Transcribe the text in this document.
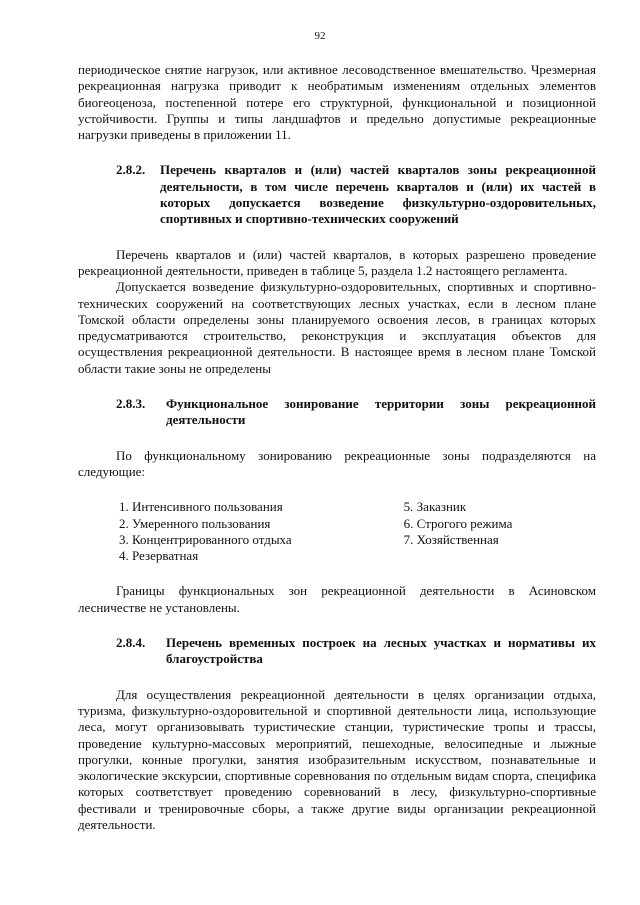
92

периодическое снятие нагрузок, или активное лесоводственное вмешательство. Чрезмерная рекреационная нагрузка приводит к необратимым изменениям отдельных элементов биогеоценоза, постепенной потере его структурной, функциональной и позиционной устойчивости. Группы и типы ландшафтов и предельно допустимые рекреационные нагрузки приведены в приложении 11.

2.8.2.	Перечень кварталов и (или) частей кварталов зоны рекреационной деятельности, в том числе перечень кварталов и (или) их частей в которых допускается возведение физкультурно-оздоровительных, спортивных и спортивно-технических сооружений

Перечень кварталов и (или) частей кварталов, в которых разрешено проведение рекреационной деятельности, приведен в таблице 5, раздела 1.2 настоящего регламента.

Допускается возведение физкультурно-оздоровительных, спортивных и спортивно-технических сооружений на соответствующих лесных участках, если в лесном плане Томской области определены зоны планируемого освоения лесов, в границах которых предусматриваются строительство, реконструкция и эксплуатация объектов для осуществления рекреационной деятельности. В настоящее время в лесном плане Томской области такие зоны не определены

2.8.3.	Функциональное зонирование территории зоны рекреационной деятельности

По функциональному зонированию рекреационные зоны подразделяются на следующие:

1. Интенсивного пользования
2. Умеренного пользования
3. Концентрированного отдыха
4. Резерватная
5. Заказник
6. Строгого режима
7. Хозяйственная

Границы функциональных зон рекреационной деятельности в Асиновском лесничестве не установлены.

2.8.4.	Перечень временных построек на лесных участках и нормативы их благоустройства

Для осуществления рекреационной деятельности в целях организации отдыха, туризма, физкультурно-оздоровительной и спортивной деятельности лица, использующие леса, могут организовывать туристические станции, туристические тропы и трассы, проведение культурно-массовых мероприятий, пешеходные, велосипедные и лыжные прогулки, конные прогулки, занятия изобразительным искусством, познавательные и экологические экскурсии, спортивные соревнования по отдельным видам спорта, специфика которых соответствует проведению соревнований в лесу, физкультурно-спортивные фестивали и тренировочные сборы, а также другие виды организации рекреационной деятельности.
